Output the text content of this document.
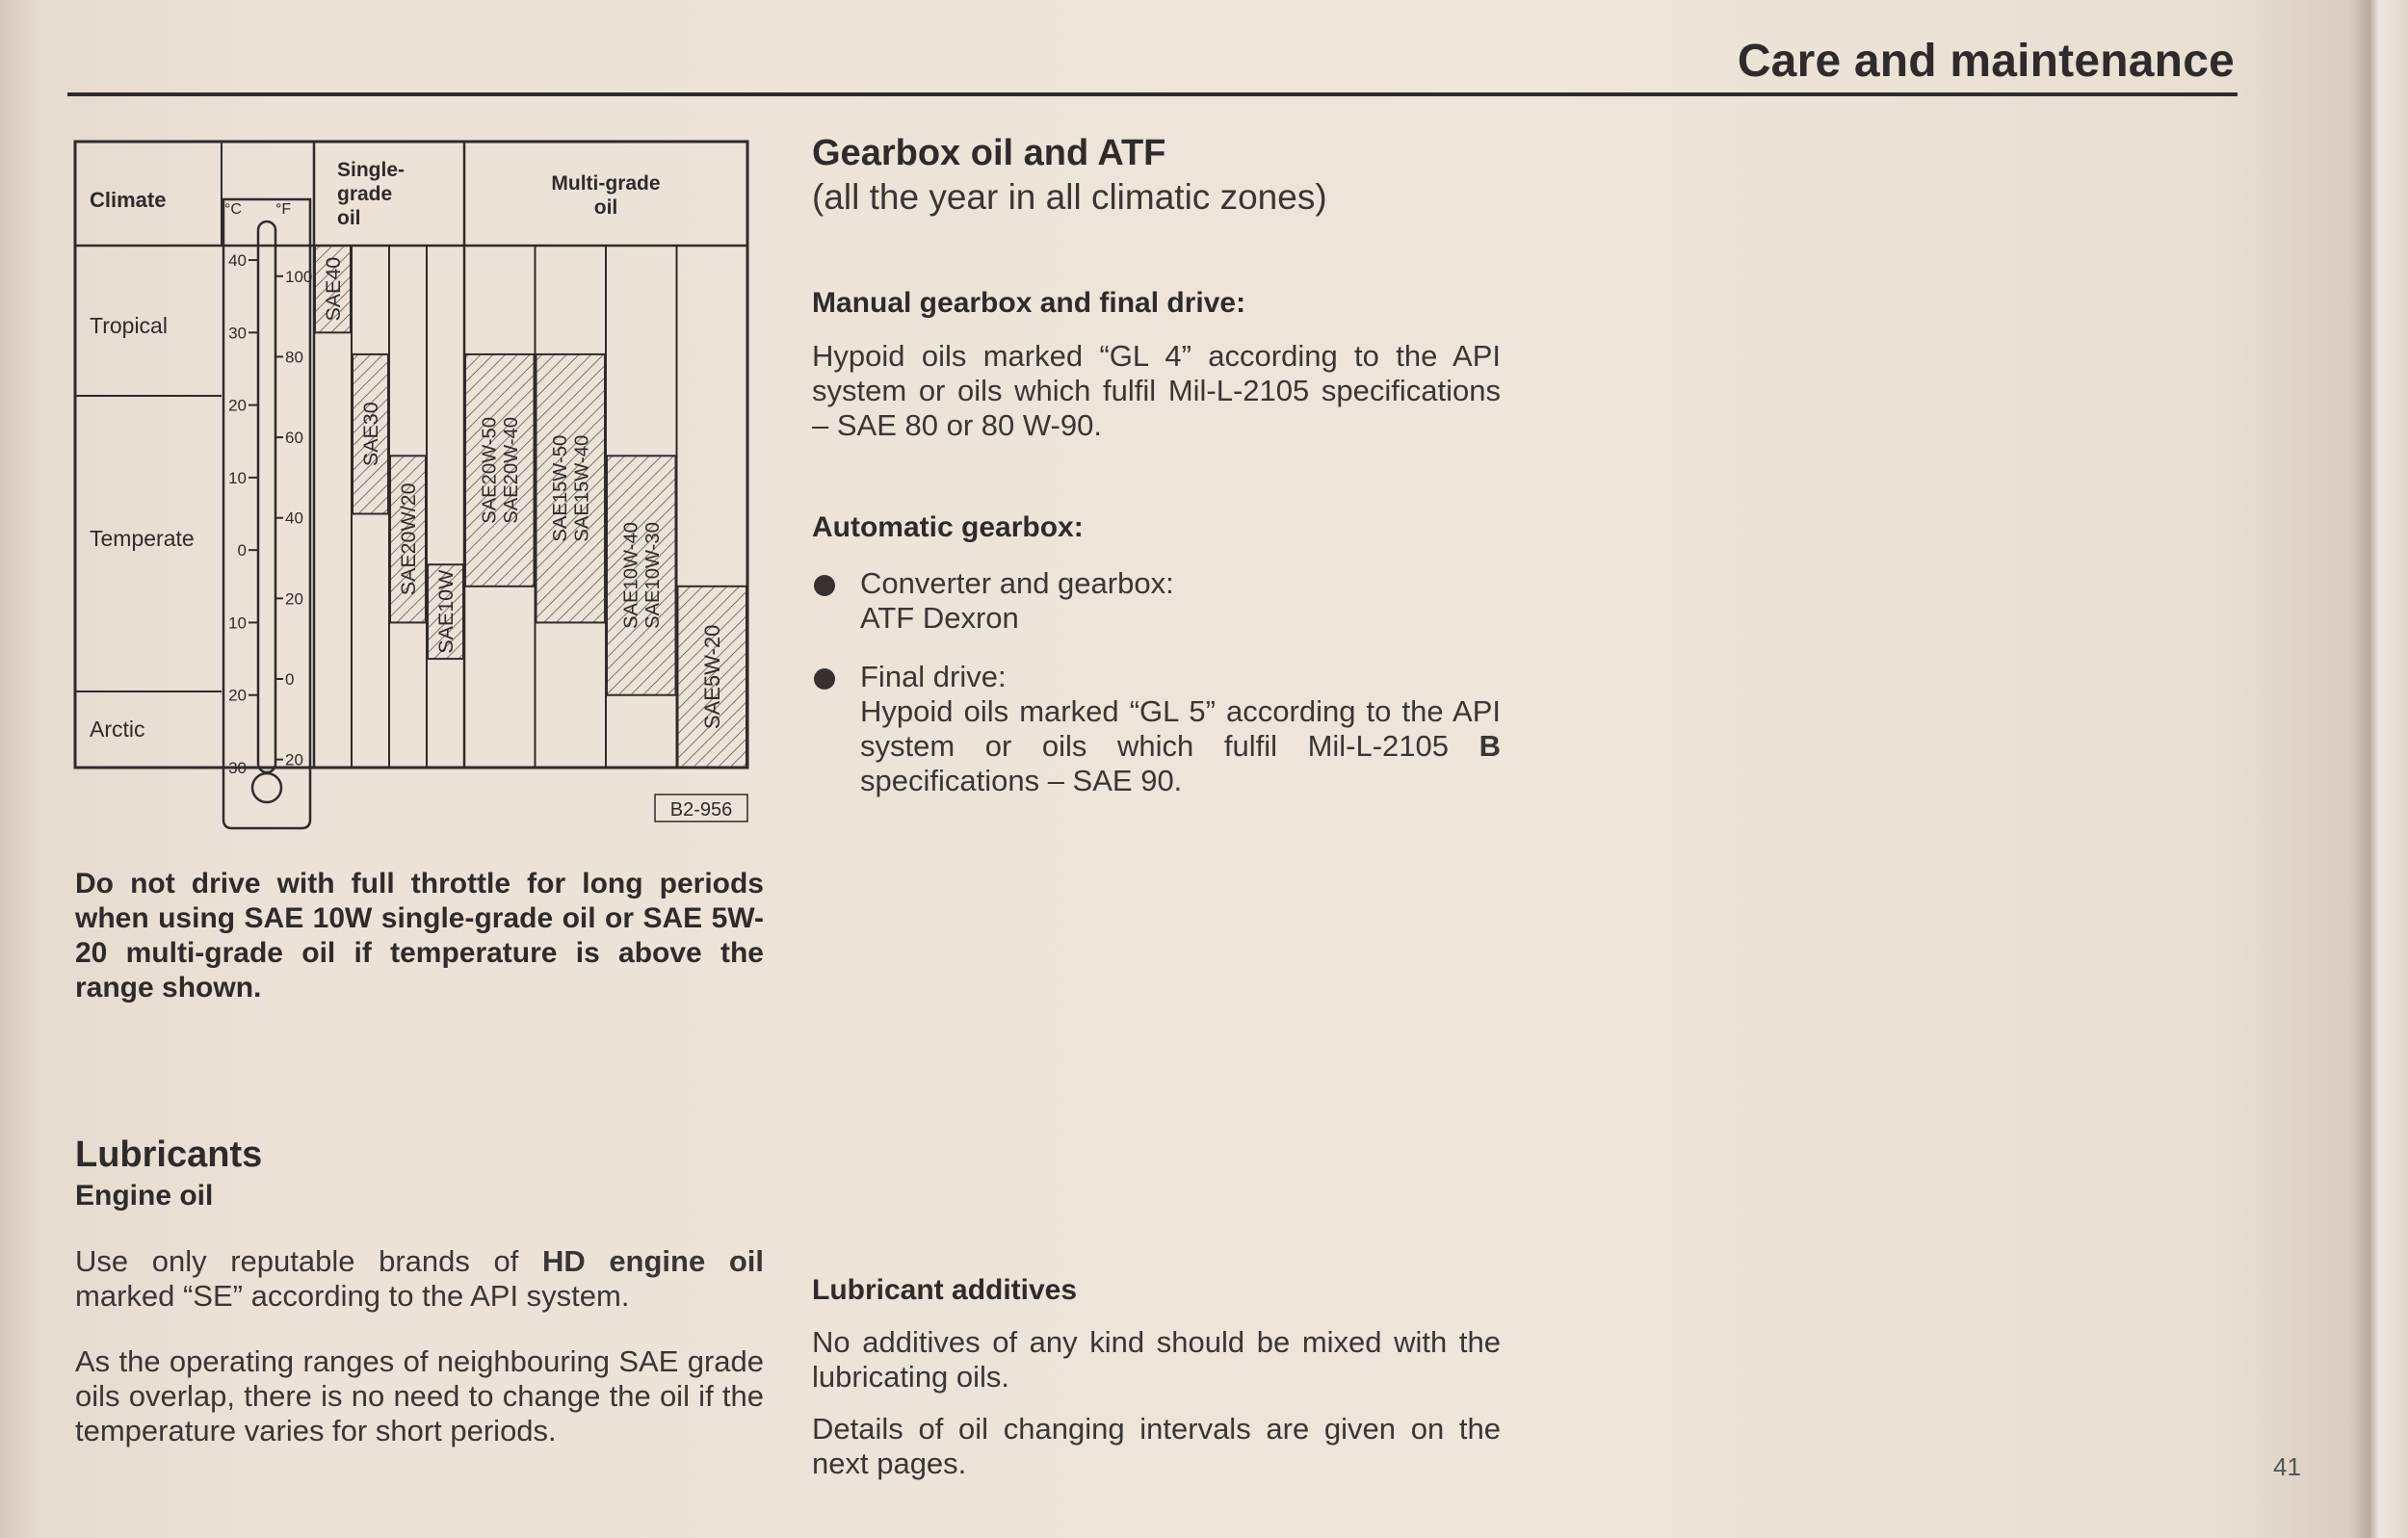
Care and maintenance
Climate	°C °F
Single-
grade
oil
Multi-grade
oil
Tropical
Temperate
Arctic
40
30
20
10
0
10
20
30
100
80
60
40
20
0
20
SAE40
SAE30
SAE20W/20
SAE10W
SAE20W-50 SAE20W-40 SAE15W-50 SAE15W-40
SAE10W-40 SAE10W-30
SAE5W-20
B2-956
Do not drive with full throttle for long periods when using SAE 10W single-grade oil or SAE 5W-20 multi-grade oil if temperature is above the range shown.
Lubricants
Engine oil

Use only reputable brands of HD engine oil marked “SE” according to the API system.

As the operating ranges of neighbouring SAE grade oils overlap, there is no need to change the oil if the temperature varies for short periods.

Gearbox oil and ATF
(all the year in all climatic zones)
Manual gearbox and final drive:

Hypoid oils marked “GL 4” according to the API system or oils which fulfil Mil-L-2105 specifications – SAE 80 or 80 W-90.

Automatic gearbox:
Converter and gearbox:
ATF Dexron
Final drive:
Hypoid oils marked “GL 5” according to the API system or oils which fulfil Mil-L-2105 B specifications – SAE 90.
Lubricant additives

No additives of any kind should be mixed with the lubricating oils.

Details of oil changing intervals are given on the next pages.	41
